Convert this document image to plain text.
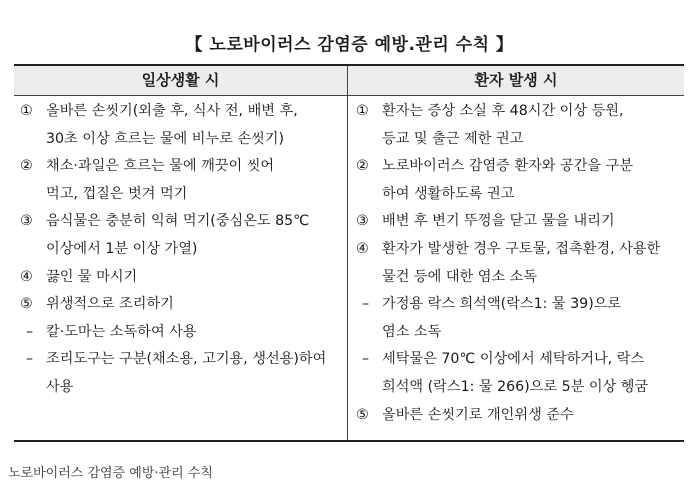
【 노로바이러스 감염증 예방.관리 수칙 】
일상생활 시	환자 발생 시
① 올바른 손씻기(외출 후, 식사 전, 배변 후,
30초 이상 흐르는 물에 비누로 손씻기)
② 채소·과일은 흐르는 물에 깨끗이 씻어
먹고, 껍질은 벗겨 먹기
③ 음식물은 충분히 익혀 먹기(중심온도 85℃
이상에서 1분 이상 가열)
④ 끓인 물 마시기
⑤ 위생적으로 조리하기
– 칼·도마는 소독하여 사용
– 조리도구는 구분(채소용, 고기용, 생선용)하여
사용
① 환자는 증상 소실 후 48시간 이상 등원,
등교 및 출근 제한 권고
② 노로바이러스 감염증 환자와 공간을 구분
하여 생활하도록 권고
③ 배변 후 변기 뚜껑을 닫고 물을 내리기
④ 환자가 발생한 경우 구토물, 접촉환경, 사용한
물건 등에 대한 염소 소독
– 가정용 락스 희석액(락스1: 물 39)으로
염소 소독
– 세탁물은 70℃ 이상에서 세탁하거나, 락스
희석액 (락스1: 물 266)으로 5분 이상 헹굼
⑤ 올바른 손씻기로 개인위생 준수
노로바이러스 감염증 예방·관리 수칙
